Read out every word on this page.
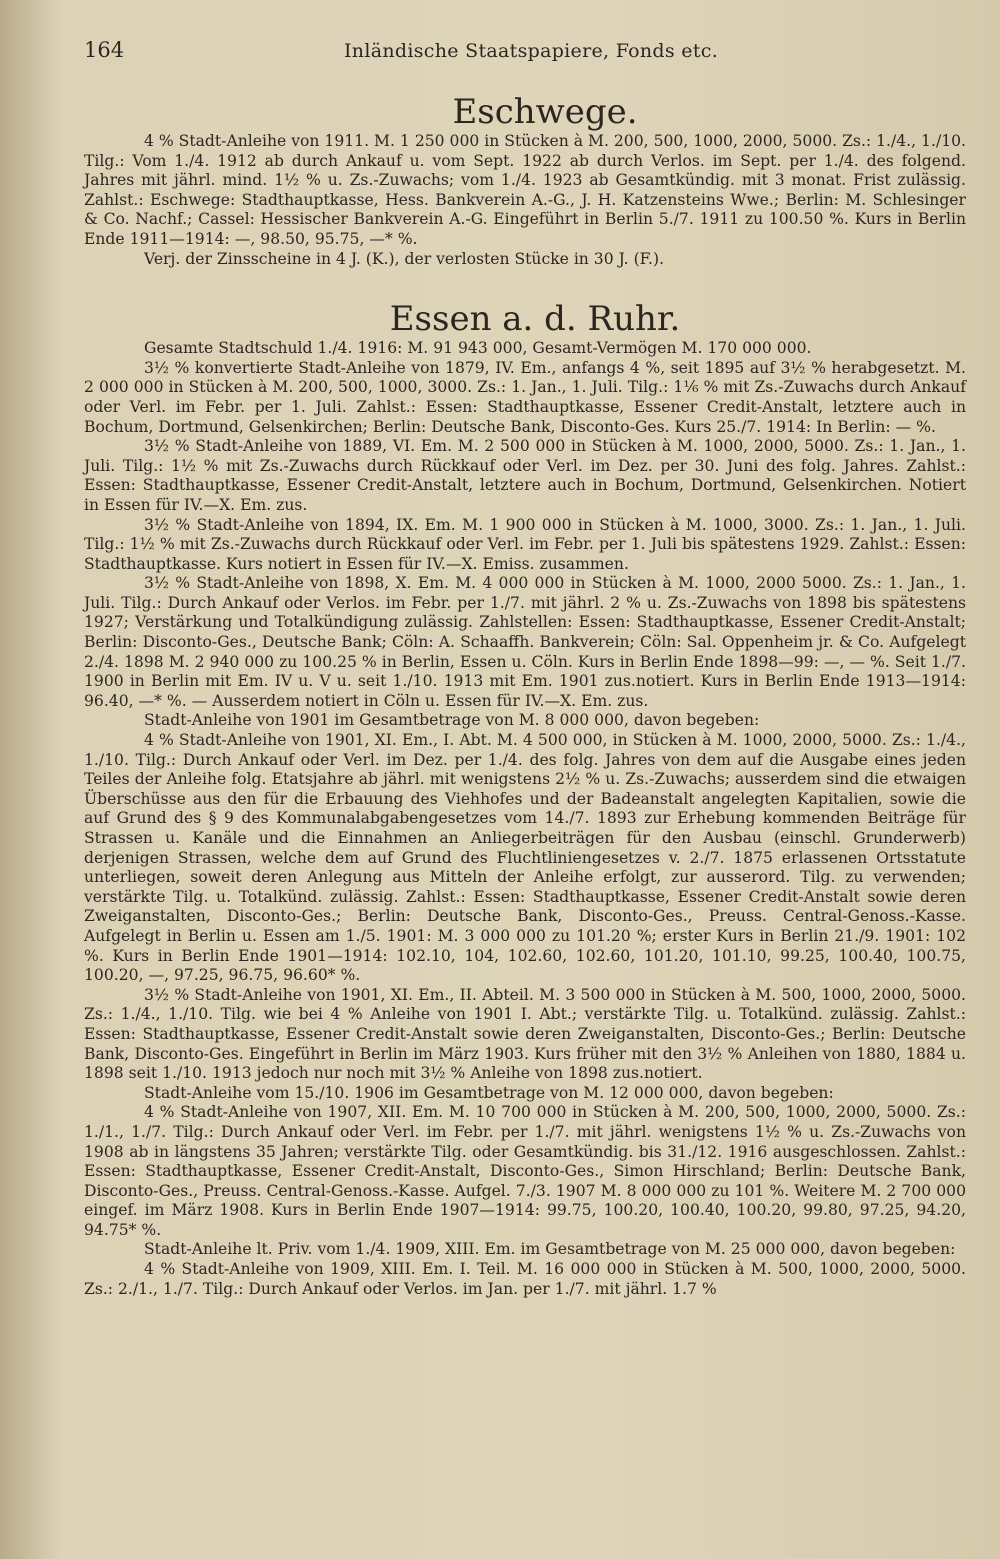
164	Inländische Staatspapiere, Fonds etc.
Eschwege.

4 % Stadt-Anleihe von 1911. M. 1 250 000 in Stücken à M. 200, 500, 1000, 2000, 5000. Zs.: 1./4., 1./10. Tilg.: Vom 1./4. 1912 ab durch Ankauf u. vom Sept. 1922 ab durch Verlos. im Sept. per 1./4. des folgend. Jahres mit jährl. mind. 1½ % u. Zs.-Zuwachs; vom 1./4. 1923 ab Gesamtkündig. mit 3 monat. Frist zulässig. Zahlst.: Eschwege: Stadthauptkasse, Hess. Bankverein A.-G., J. H. Katzensteins Wwe.; Berlin: M. Schlesinger & Co. Nachf.; Cassel: Hessischer Bankverein A.-G. Eingeführt in Berlin 5./7. 1911 zu 100.50 %. Kurs in Berlin Ende 1911—1914: —, 98.50, 95.75, —* %.

Verj. der Zinsscheine in 4 J. (K.), der verlosten Stücke in 30 J. (F.).

Essen a. d. Ruhr.

Gesamte Stadtschuld 1./4. 1916: M. 91 943 000, Gesamt-Vermögen M. 170 000 000.

3½ % konvertierte Stadt-Anleihe von 1879, IV. Em., anfangs 4 %, seit 1895 auf 3½ % herabgesetzt. M. 2 000 000 in Stücken à M. 200, 500, 1000, 3000. Zs.: 1. Jan., 1. Juli. Tilg.: 1⅙ % mit Zs.-Zuwachs durch Ankauf oder Verl. im Febr. per 1. Juli. Zahlst.: Essen: Stadthauptkasse, Essener Credit-Anstalt, letztere auch in Bochum, Dortmund, Gelsenkirchen; Berlin: Deutsche Bank, Disconto-Ges. Kurs 25./7. 1914: In Berlin: — %.

3½ % Stadt-Anleihe von 1889, VI. Em. M. 2 500 000 in Stücken à M. 1000, 2000, 5000. Zs.: 1. Jan., 1. Juli. Tilg.: 1½ % mit Zs.-Zuwachs durch Rückkauf oder Verl. im Dez. per 30. Juni des folg. Jahres. Zahlst.: Essen: Stadthauptkasse, Essener Credit-Anstalt, letztere auch in Bochum, Dortmund, Gelsenkirchen. Notiert in Essen für IV.—X. Em. zus.

3½ % Stadt-Anleihe von 1894, IX. Em. M. 1 900 000 in Stücken à M. 1000, 3000. Zs.: 1. Jan., 1. Juli. Tilg.: 1½ % mit Zs.-Zuwachs durch Rückkauf oder Verl. im Febr. per 1. Juli bis spätestens 1929. Zahlst.: Essen: Stadthauptkasse. Kurs notiert in Essen für IV.—X. Emiss. zusammen.

3½ % Stadt-Anleihe von 1898, X. Em. M. 4 000 000 in Stücken à M. 1000, 2000 5000. Zs.: 1. Jan., 1. Juli. Tilg.: Durch Ankauf oder Verlos. im Febr. per 1./7. mit jährl. 2 % u. Zs.-Zuwachs von 1898 bis spätestens 1927; Verstärkung und Totalkündigung zulässig. Zahlstellen: Essen: Stadthauptkasse, Essener Credit-Anstalt; Berlin: Disconto-Ges., Deutsche Bank; Cöln: A. Schaaffh. Bankverein; Cöln: Sal. Oppenheim jr. & Co. Aufgelegt 2./4. 1898 M. 2 940 000 zu 100.25 % in Berlin, Essen u. Cöln. Kurs in Berlin Ende 1898—99: —, — %. Seit 1./7. 1900 in Berlin mit Em. IV u. V u. seit 1./10. 1913 mit Em. 1901 zus.notiert. Kurs in Berlin Ende 1913—1914: 96.40, —* %. — Ausserdem notiert in Cöln u. Essen für IV.—X. Em. zus.

Stadt-Anleihe von 1901 im Gesamtbetrage von M. 8 000 000, davon begeben:

4 % Stadt-Anleihe von 1901, XI. Em., I. Abt. M. 4 500 000, in Stücken à M. 1000, 2000, 5000. Zs.: 1./4., 1./10. Tilg.: Durch Ankauf oder Verl. im Dez. per 1./4. des folg. Jahres von dem auf die Ausgabe eines jeden Teiles der Anleihe folg. Etatsjahre ab jährl. mit wenigstens 2½ % u. Zs.-Zuwachs; ausserdem sind die etwaigen Überschüsse aus den für die Erbauung des Viehhofes und der Badeanstalt angelegten Kapitalien, sowie die auf Grund des § 9 des Kommunalabgabengesetzes vom 14./7. 1893 zur Erhebung kommenden Beiträge für Strassen u. Kanäle und die Einnahmen an Anliegerbeiträgen für den Ausbau (einschl. Grunderwerb) derjenigen Strassen, welche dem auf Grund des Fluchtliniengesetzes v. 2./7. 1875 erlassenen Ortsstatute unterliegen, soweit deren Anlegung aus Mitteln der Anleihe erfolgt, zur ausserord. Tilg. zu verwenden; verstärkte Tilg. u. Totalkünd. zulässig. Zahlst.: Essen: Stadthauptkasse, Essener Credit-Anstalt sowie deren Zweiganstalten, Disconto-Ges.; Berlin: Deutsche Bank, Disconto-Ges., Preuss. Central-Genoss.-Kasse. Aufgelegt in Berlin u. Essen am 1./5. 1901: M. 3 000 000 zu 101.20 %; erster Kurs in Berlin 21./9. 1901: 102 %. Kurs in Berlin Ende 1901—1914: 102.10, 104, 102.60, 102.60, 101.20, 101.10, 99.25, 100.40, 100.75, 100.20, —, 97.25, 96.75, 96.60* %.

3½ % Stadt-Anleihe von 1901, XI. Em., II. Abteil. M. 3 500 000 in Stücken à M. 500, 1000, 2000, 5000. Zs.: 1./4., 1./10. Tilg. wie bei 4 % Anleihe von 1901 I. Abt.; verstärkte Tilg. u. Totalkünd. zulässig. Zahlst.: Essen: Stadthauptkasse, Essener Credit-Anstalt sowie deren Zweiganstalten, Disconto-Ges.; Berlin: Deutsche Bank, Disconto-Ges. Eingeführt in Berlin im März 1903. Kurs früher mit den 3½ % Anleihen von 1880, 1884 u. 1898 seit 1./10. 1913 jedoch nur noch mit 3½ % Anleihe von 1898 zus.notiert.

Stadt-Anleihe vom 15./10. 1906 im Gesamtbetrage von M. 12 000 000, davon begeben:

4 % Stadt-Anleihe von 1907, XII. Em. M. 10 700 000 in Stücken à M. 200, 500, 1000, 2000, 5000. Zs.: 1./1., 1./7. Tilg.: Durch Ankauf oder Verl. im Febr. per 1./7. mit jährl. wenigstens 1½ % u. Zs.-Zuwachs von 1908 ab in längstens 35 Jahren; verstärkte Tilg. oder Gesamtkündig. bis 31./12. 1916 ausgeschlossen. Zahlst.: Essen: Stadthauptkasse, Essener Credit-Anstalt, Disconto-Ges., Simon Hirschland; Berlin: Deutsche Bank, Disconto-Ges., Preuss. Central-Genoss.-Kasse. Aufgel. 7./3. 1907 M. 8 000 000 zu 101 %. Weitere M. 2 700 000 eingef. im März 1908. Kurs in Berlin Ende 1907—1914: 99.75, 100.20, 100.40, 100.20, 99.80, 97.25, 94.20, 94.75* %.

Stadt-Anleihe lt. Priv. vom 1./4. 1909, XIII. Em. im Gesamtbetrage von M. 25 000 000, davon begeben:

4 % Stadt-Anleihe von 1909, XIII. Em. I. Teil. M. 16 000 000 in Stücken à M. 500, 1000, 2000, 5000. Zs.: 2./1., 1./7. Tilg.: Durch Ankauf oder Verlos. im Jan. per 1./7. mit jährl. 1.7 %
